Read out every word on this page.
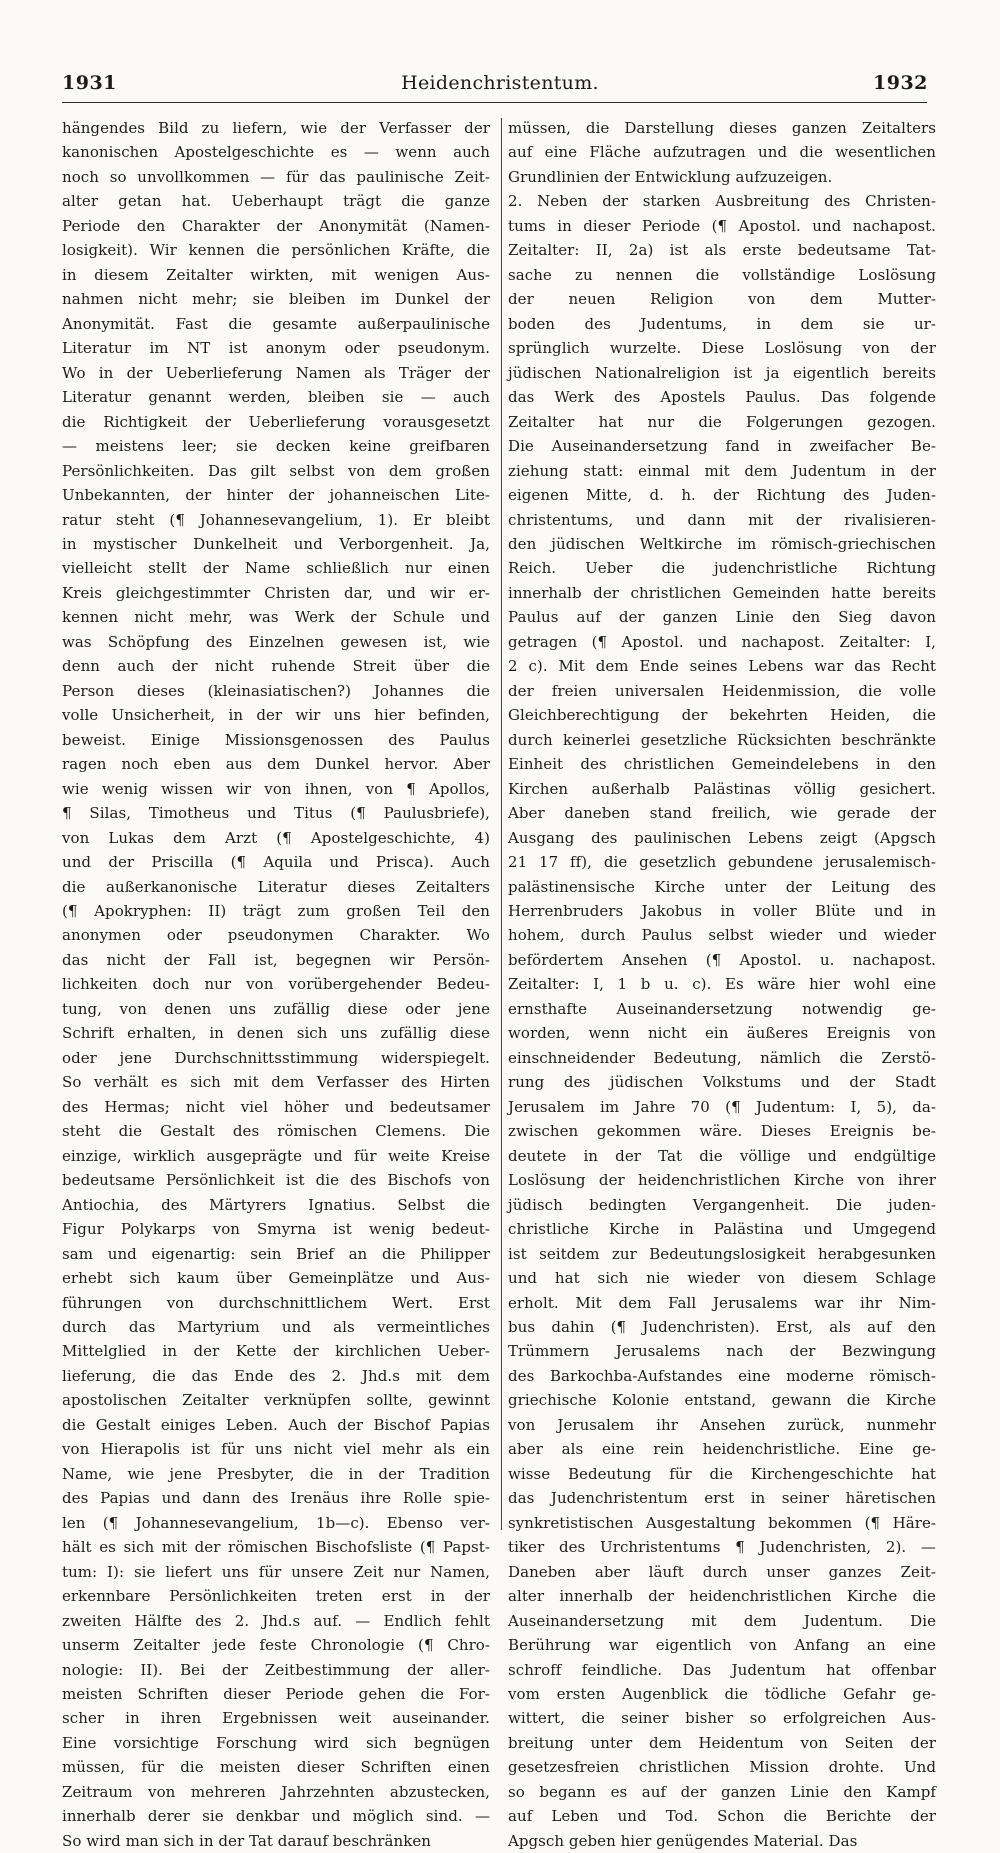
1931	Heidenchristentum.	1932
hängendes Bild zu liefern, wie der Verfasser der
kanonischen Apostelgeschichte es — wenn auch
noch so unvollkommen — für das paulinische Zeit-
alter getan hat. Ueberhaupt trägt die ganze
Periode den Charakter der Anonymität (Namen-
losigkeit). Wir kennen die persönlichen Kräfte, die
in diesem Zeitalter wirkten, mit wenigen Aus-
nahmen nicht mehr; sie bleiben im Dunkel der
Anonymität. Fast die gesamte außerpaulinische
Literatur im NT ist anonym oder pseudonym.
Wo in der Ueberlieferung Namen als Träger der
Literatur genannt werden, bleiben sie — auch
die Richtigkeit der Ueberlieferung vorausgesetzt
— meistens leer; sie decken keine greifbaren
Persönlichkeiten. Das gilt selbst von dem großen
Unbekannten, der hinter der johanneischen Lite-
ratur steht (¶ Johannesevangelium, 1). Er bleibt
in mystischer Dunkelheit und Verborgenheit. Ja,
vielleicht stellt der Name schließlich nur einen
Kreis gleichgestimmter Christen dar, und wir er-
kennen nicht mehr, was Werk der Schule und
was Schöpfung des Einzelnen gewesen ist, wie
denn auch der nicht ruhende Streit über die
Person dieses (kleinasiatischen?) Johannes die
volle Unsicherheit, in der wir uns hier befinden,
beweist. Einige Missionsgenossen des Paulus
ragen noch eben aus dem Dunkel hervor. Aber
wie wenig wissen wir von ihnen, von ¶ Apollos,
¶ Silas, Timotheus und Titus (¶ Paulusbriefe),
von Lukas dem Arzt (¶ Apostelgeschichte, 4)
und der Priscilla (¶ Aquila und Prisca). Auch
die außerkanonische Literatur dieses Zeitalters
(¶ Apokryphen: II) trägt zum großen Teil den
anonymen oder pseudonymen Charakter. Wo
das nicht der Fall ist, begegnen wir Persön-
lichkeiten doch nur von vorübergehender Bedeu-
tung, von denen uns zufällig diese oder jene
Schrift erhalten, in denen sich uns zufällig diese
oder jene Durchschnittsstimmung widerspiegelt.
So verhält es sich mit dem Verfasser des Hirten
des Hermas; nicht viel höher und bedeutsamer
steht die Gestalt des römischen Clemens. Die
einzige, wirklich ausgeprägte und für weite Kreise
bedeutsame Persönlichkeit ist die des Bischofs von
Antiochia, des Märtyrers Ignatius. Selbst die
Figur Polykarps von Smyrna ist wenig bedeut-
sam und eigenartig: sein Brief an die Philipper
erhebt sich kaum über Gemeinplätze und Aus-
führungen von durchschnittlichem Wert. Erst
durch das Martyrium und als vermeintliches
Mittelglied in der Kette der kirchlichen Ueber-
lieferung, die das Ende des 2. Jhd.s mit dem
apostolischen Zeitalter verknüpfen sollte, gewinnt
die Gestalt einiges Leben. Auch der Bischof Papias
von Hierapolis ist für uns nicht viel mehr als ein
Name, wie jene Presbyter, die in der Tradition
des Papias und dann des Irenäus ihre Rolle spie-
len (¶ Johannesevangelium, 1b—c). Ebenso ver-
hält es sich mit der römischen Bischofsliste (¶ Papst-
tum: I): sie liefert uns für unsere Zeit nur Namen,
erkennbare Persönlichkeiten treten erst in der
zweiten Hälfte des 2. Jhd.s auf. — Endlich fehlt
unserm Zeitalter jede feste Chronologie (¶ Chro-
nologie: II). Bei der Zeitbestimmung der aller-
meisten Schriften dieser Periode gehen die For-
scher in ihren Ergebnissen weit auseinander.
Eine vorsichtige Forschung wird sich begnügen
müssen, für die meisten dieser Schriften einen
Zeitraum von mehreren Jahrzehnten abzustecken,
innerhalb derer sie denkbar und möglich sind. —
So wird man sich in der Tat darauf beschränken
müssen, die Darstellung dieses ganzen Zeitalters
auf eine Fläche aufzutragen und die wesentlichen
Grundlinien der Entwicklung aufzuzeigen.
2. Neben der starken Ausbreitung des Christen-
tums in dieser Periode (¶ Apostol. und nachapost.
Zeitalter: II, 2a) ist als erste bedeutsame Tat-
sache zu nennen die vollständige Loslösung
der neuen Religion von dem Mutter-
boden des Judentums, in dem sie ur-
sprünglich wurzelte. Diese Loslösung von der
jüdischen Nationalreligion ist ja eigentlich bereits
das Werk des Apostels Paulus. Das folgende
Zeitalter hat nur die Folgerungen gezogen.
Die Auseinandersetzung fand in zweifacher Be-
ziehung statt: einmal mit dem Judentum in der
eigenen Mitte, d. h. der Richtung des Juden-
christentums, und dann mit der rivalisieren-
den jüdischen Weltkirche im römisch-griechischen
Reich. Ueber die judenchristliche Richtung
innerhalb der christlichen Gemeinden hatte bereits
Paulus auf der ganzen Linie den Sieg davon
getragen (¶ Apostol. und nachapost. Zeitalter: I,
2 c). Mit dem Ende seines Lebens war das Recht
der freien universalen Heidenmission, die volle
Gleichberechtigung der bekehrten Heiden, die
durch keinerlei gesetzliche Rücksichten beschränkte
Einheit des christlichen Gemeindelebens in den
Kirchen außerhalb Palästinas völlig gesichert.
Aber daneben stand freilich, wie gerade der
Ausgang des paulinischen Lebens zeigt (Apgsch
21 17 ff), die gesetzlich gebundene jerusalemisch-
palästinensische Kirche unter der Leitung des
Herrenbruders Jakobus in voller Blüte und in
hohem, durch Paulus selbst wieder und wieder
befördertem Ansehen (¶ Apostol. u. nachapost.
Zeitalter: I, 1 b u. c). Es wäre hier wohl eine
ernsthafte Auseinandersetzung notwendig ge-
worden, wenn nicht ein äußeres Ereignis von
einschneidender Bedeutung, nämlich die Zerstö-
rung des jüdischen Volkstums und der Stadt
Jerusalem im Jahre 70 (¶ Judentum: I, 5), da-
zwischen gekommen wäre. Dieses Ereignis be-
deutete in der Tat die völlige und endgültige
Loslösung der heidenchristlichen Kirche von ihrer
jüdisch bedingten Vergangenheit. Die juden-
christliche Kirche in Palästina und Umgegend
ist seitdem zur Bedeutungslosigkeit herabgesunken
und hat sich nie wieder von diesem Schlage
erholt. Mit dem Fall Jerusalems war ihr Nim-
bus dahin (¶ Judenchristen). Erst, als auf den
Trümmern Jerusalems nach der Bezwingung
des Barkochba-Aufstandes eine moderne römisch-
griechische Kolonie entstand, gewann die Kirche
von Jerusalem ihr Ansehen zurück, nunmehr
aber als eine rein heidenchristliche. Eine ge-
wisse Bedeutung für die Kirchengeschichte hat
das Judenchristentum erst in seiner häretischen
synkretistischen Ausgestaltung bekommen (¶ Häre-
tiker des Urchristentums ¶ Judenchristen, 2). —
Daneben aber läuft durch unser ganzes Zeit-
alter innerhalb der heidenchristlichen Kirche die
Auseinandersetzung mit dem Judentum. Die
Berührung war eigentlich von Anfang an eine
schroff feindliche. Das Judentum hat offenbar
vom ersten Augenblick die tödliche Gefahr ge-
wittert, die seiner bisher so erfolgreichen Aus-
breitung unter dem Heidentum von Seiten der
gesetzesfreien christlichen Mission drohte. Und
so begann es auf der ganzen Linie den Kampf
auf Leben und Tod. Schon die Berichte der
Apgsch geben hier genügendes Material. Das
